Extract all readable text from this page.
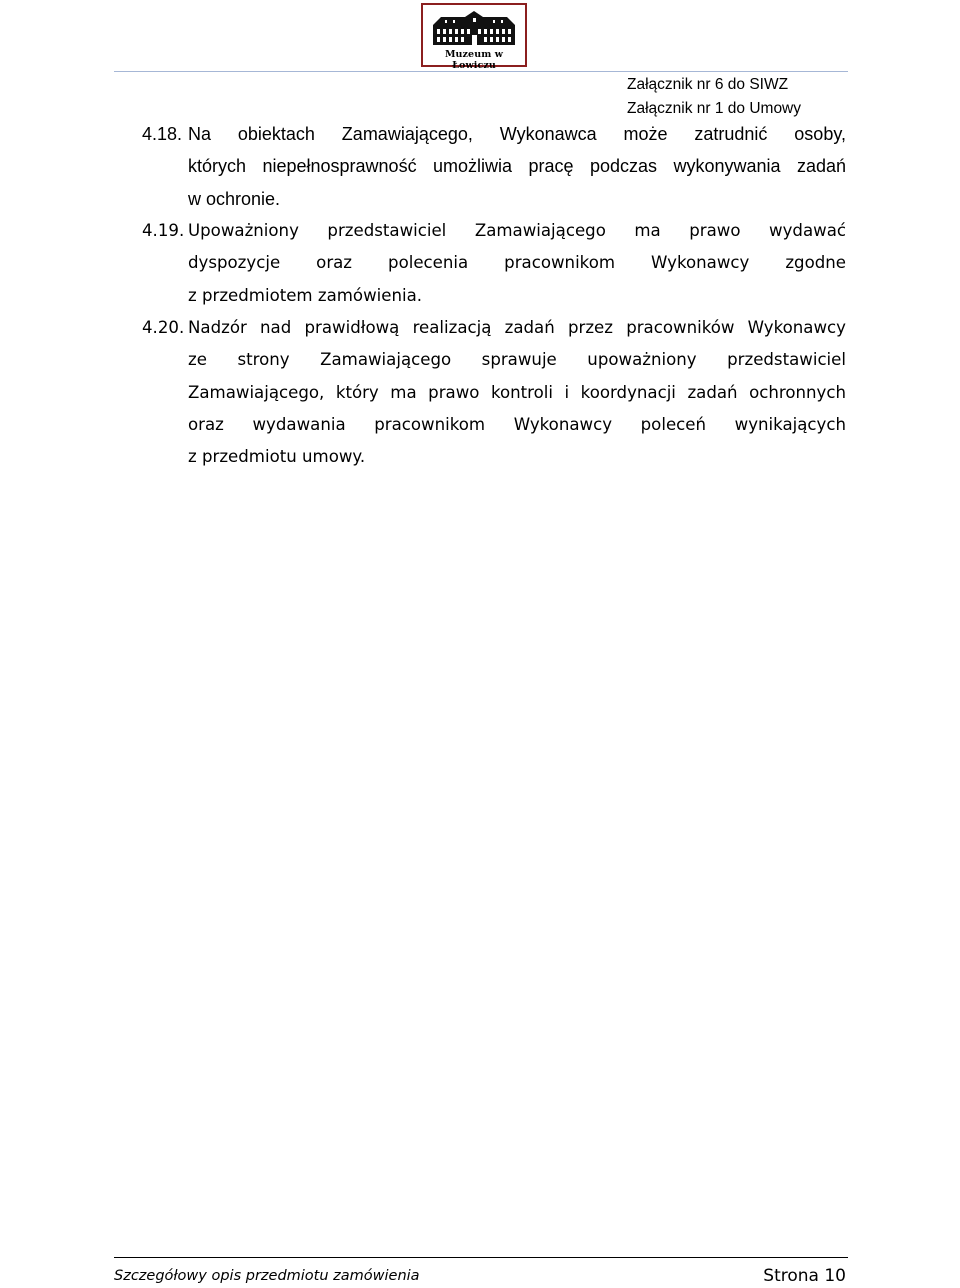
Muzeum w Łowiczu
Załącznik nr 6 do SIWZ
Załącznik nr 1 do Umowy
4.18. Na obiektach Zamawiającego, Wykonawca może zatrudnić osoby,
których niepełnosprawność umożliwia pracę podczas wykonywania zadań
w ochronie.
4.19. Upoważniony przedstawiciel Zamawiającego ma prawo wydawać
dyspozycje oraz polecenia pracownikom Wykonawcy zgodne
z przedmiotem zamówienia.
4.20. Nadzór nad prawidłową realizacją zadań przez pracowników Wykonawcy
ze strony Zamawiającego sprawuje upoważniony przedstawiciel
Zamawiającego, który ma prawo kontroli i koordynacji zadań ochronnych
oraz wydawania pracownikom Wykonawcy poleceń wynikających
z przedmiotu umowy.
Szczegółowy opis przedmiotu zamówienia	Strona 10
